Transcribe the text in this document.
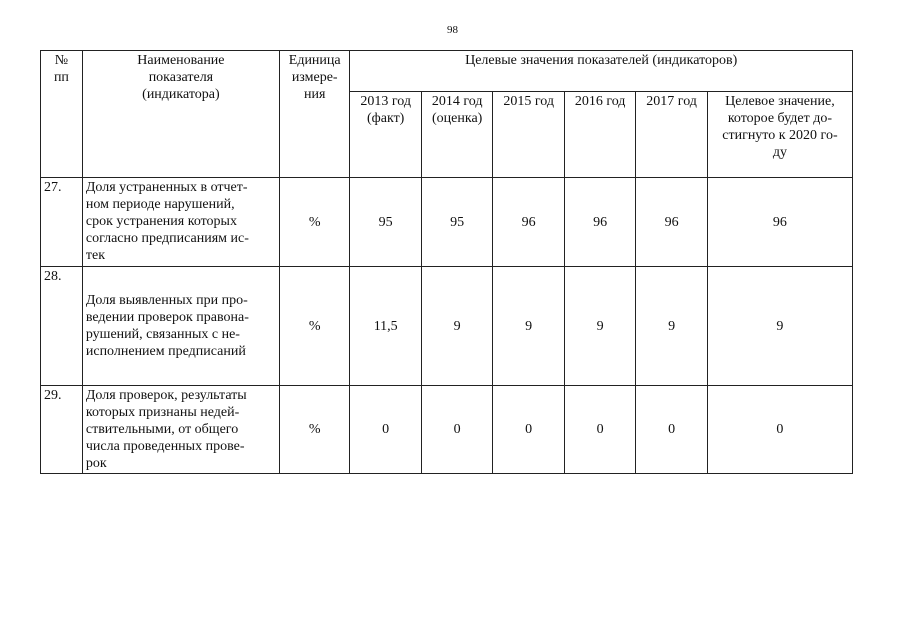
98
№
пп	Наименование
показателя
(индикатора)	Единица
измере-
ния	Целевые значения показателей (индикаторов)					
			2013 год
(факт)	2014 год
(оценка)	2015 год	2016 год	2017 год	Целевое значение,
которое будет до-
стигнуто к 2020 го-
ду
27.	Доля устраненных в отчет-
ном периоде нарушений,
срок устранения которых
согласно предписаниям ис-
тек	%	95	95	96	96	96	96
28.	Доля выявленных при про-
ведении проверок правона-
рушений, связанных с не-
исполнением предписаний	%	11,5	9	9	9	9	9
29.	Доля проверок, результаты
которых признаны недей-
ствительными, от общего
числа проведенных прове-
рок	%	0	0	0	0	0	0
